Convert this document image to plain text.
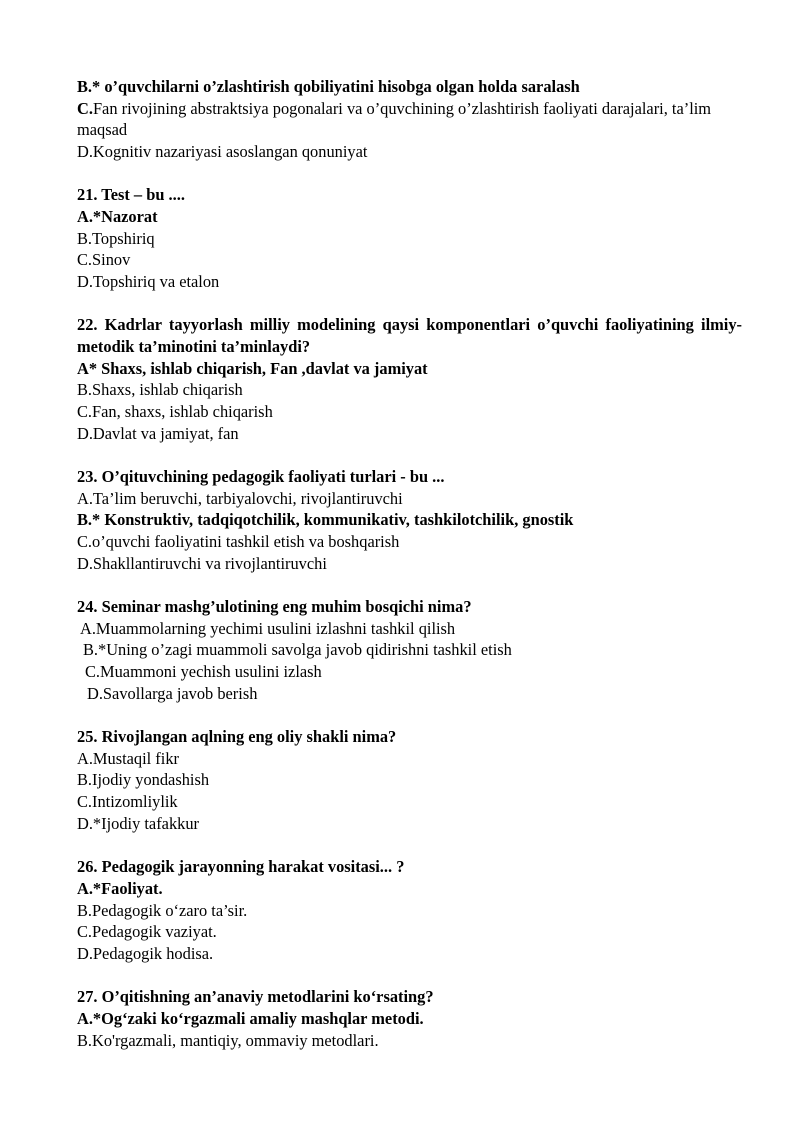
B.* o’quvchilarni o’zlashtirish qobiliyatini hisobga olgan holda saralash
C.Fan rivojining abstraktsiya pogonalari va o’quvchining o’zlashtirish faoliyati darajalari, ta’lim maqsad
D.Kognitiv nazariyasi asoslangan qonuniyat
21. Test – bu ....
A.*Nazorat
B.Topshiriq
C.Sinov
D.Topshiriq va etalon
22. Kadrlar tayyorlash milliy modelining qaysi komponentlari o’quvchi faoliyatining ilmiy-metodik ta’minotini ta’minlaydi?
A* Shaxs, ishlab chiqarish, Fan ,davlat va jamiyat
B.Shaxs, ishlab chiqarish
C.Fan, shaxs, ishlab chiqarish
D.Davlat va jamiyat, fan
23. O’qituvchining pedagogik faoliyati turlari - bu ...
A.Ta’lim beruvchi, tarbiyalovchi, rivojlantiruvchi
B.* Konstruktiv, tadqiqotchilik, kommunikativ, tashkilotchilik, gnostik
C.o’quvchi faoliyatini tashkil etish va boshqarish
D.Shakllantiruvchi va rivojlantiruvchi
24. Seminar mashg’ulotining eng muhim bosqichi nima?
A.Muammolarning yechimi usulini izlashni tashkil qilish
B.*Uning o’zagi muammoli savolga javob qidirishni tashkil etish
C.Muammoni yechish usulini izlash
D.Savollarga javob berish
25. Rivojlangan aqlning eng oliy shakli nima?
A.Mustaqil fikr
B.Ijodiy yondashish
C.Intizomliylik
D.*Ijodiy tafakkur
26. Pedagogik jarayonning harakat vositasi... ?
A.*Faoliyat.
B.Pedagogik o‘zaro ta’sir.
C.Pedagogik vaziyat.
D.Pedagogik hodisa.
27. O’qitishning an’anaviy metodlarini ko‘rsating?
A.*Og‘zaki ko‘rgazmali amaliy mashqlar metodi.
B.Ko'rgazmali, mantiqiy, ommaviy metodlari.
